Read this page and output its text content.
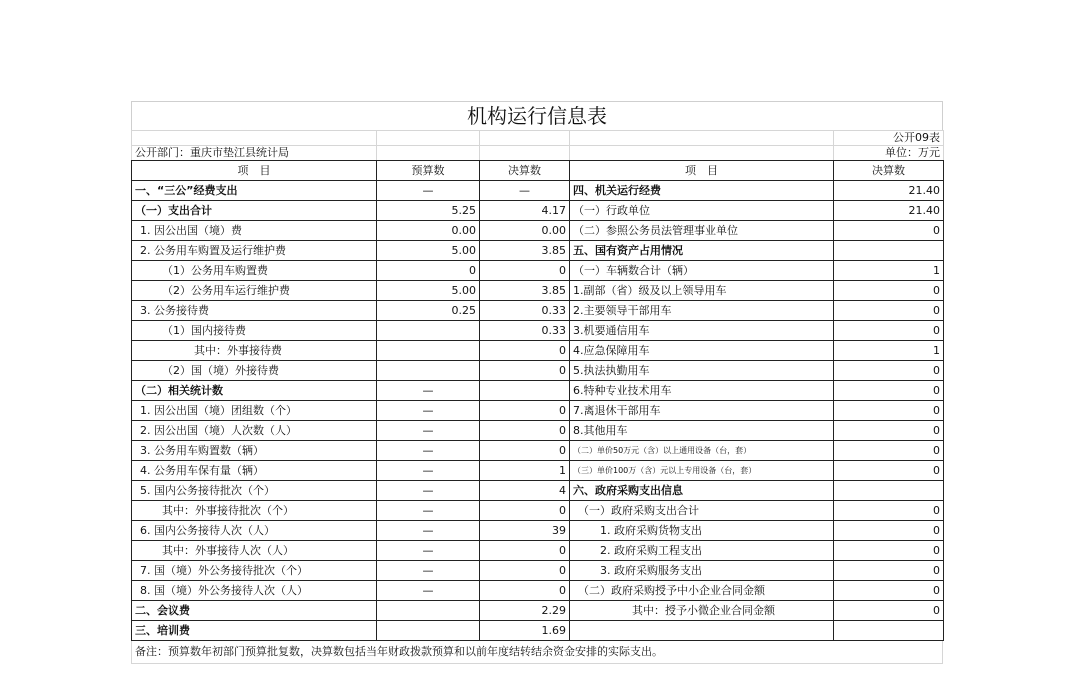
机构运行信息表
				公开09表
公开部门：重庆市垫江县统计局				单位：万元
项　目	预算数	决算数	项　目	决算数
一、“三公”经费支出	—	—	四、机关运行经费	21.40
（一）支出合计	5.25	4.17	（一）行政单位	21.40
1. 因公出国（境）费	0.00	0.00	（二）参照公务员法管理事业单位	0
2. 公务用车购置及运行维护费	5.00	3.85	五、国有资产占用情况	
（1）公务用车购置费	0	0	（一）车辆数合计（辆）	1
（2）公务用车运行维护费	5.00	3.85	1.副部（省）级及以上领导用车	0
3. 公务接待费	0.25	0.33	2.主要领导干部用车	0
（1）国内接待费		0.33	3.机要通信用车	0
其中：外事接待费		0	4.应急保障用车	1
（2）国（境）外接待费		0	5.执法执勤用车	0
（二）相关统计数	—		6.特种专业技术用车	0
1. 因公出国（境）团组数（个）	—	0	7.离退休干部用车	0
2. 因公出国（境）人次数（人）	—	0	8.其他用车	0
3. 公务用车购置数（辆）	—	0	（二）单价50万元（含）以上通用设备（台，套）	0
4. 公务用车保有量（辆）	—	1	（三）单价100万（含）元以上专用设备（台，套）	0
5. 国内公务接待批次（个）	—	4	六、政府采购支出信息	
其中：外事接待批次（个）	—	0	（一）政府采购支出合计	0
6. 国内公务接待人次（人）	—	39	1. 政府采购货物支出	0
其中：外事接待人次（人）	—	0	2. 政府采购工程支出	0
7. 国（境）外公务接待批次（个）	—	0	3. 政府采购服务支出	0
8. 国（境）外公务接待人次（人）	—	0	（二）政府采购授予中小企业合同金额	0
二、会议费		2.29	其中：授予小微企业合同金额	0
三、培训费		1.69		
备注：预算数年初部门预算批复数，决算数包括当年财政拨款预算和以前年度结转结余资金安排的实际支出。
